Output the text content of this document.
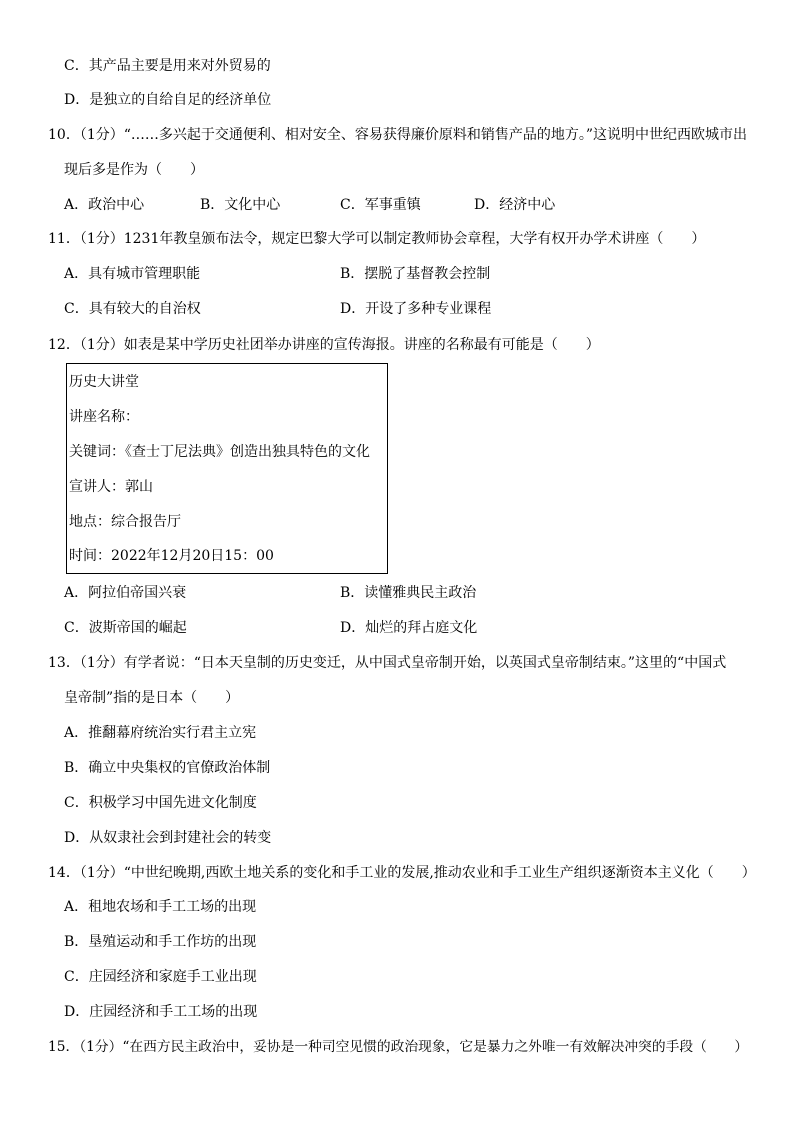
C．其产品主要是用来对外贸易的
D．是独立的自给自足的经济单位
10．（1分）“……多兴起于交通便利、相对安全、容易获得廉价原料和销售产品的地方。”这说明中世纪西欧城市出
现后多是作为（　　）
A．政治中心	B．文化中心	C．军事重镇	D．经济中心
11．（1分）1231年教皇颁布法令，规定巴黎大学可以制定教师协会章程，大学有权开办学术讲座（　　）
A．具有城市管理职能	B．摆脱了基督教会控制
C．具有较大的自治权	D．开设了多种专业课程
12．（1分）如表是某中学历史社团举办讲座的宣传海报。讲座的名称最有可能是（　　）
历史大讲堂
讲座名称：
关键词：《查士丁尼法典》创造出独具特色的文化
宣讲人：郭山
地点：综合报告厅
时间：2022年12月20日15：00
A．阿拉伯帝国兴衰	B．读懂雅典民主政治
C．波斯帝国的崛起	D．灿烂的拜占庭文化
13．（1分）有学者说：“日本天皇制的历史变迁，从中国式皇帝制开始，以英国式皇帝制结束。”这里的“中国式
皇帝制”指的是日本（　　）
A．推翻幕府统治实行君主立宪
B．确立中央集权的官僚政治体制
C．积极学习中国先进文化制度
D．从奴隶社会到封建社会的转变
14．（1分）“中世纪晚期,西欧土地关系的变化和手工业的发展,推动农业和手工业生产组织逐渐资本主义化（　　）
A．租地农场和手工工场的出现
B．垦殖运动和手工作坊的出现
C．庄园经济和家庭手工业出现
D．庄园经济和手工工场的出现
15．（1分）“在西方民主政治中，妥协是一种司空见惯的政治现象，它是暴力之外唯一有效解决冲突的手段（　　）
